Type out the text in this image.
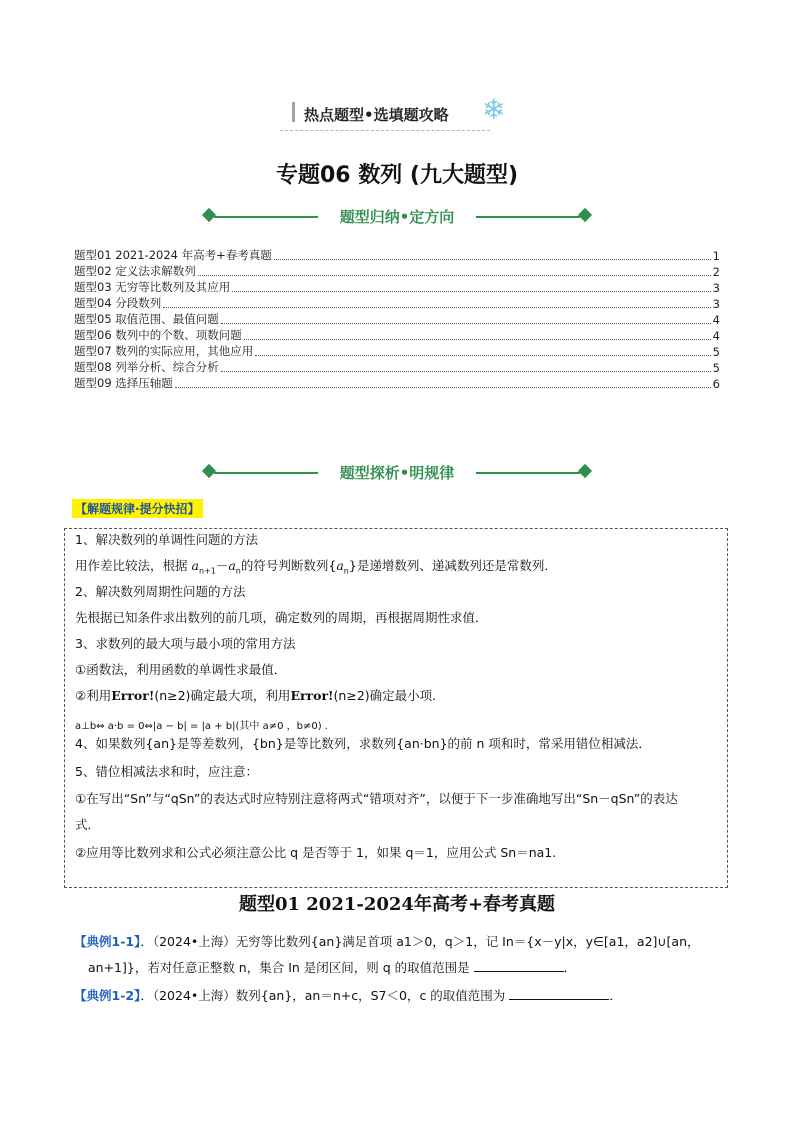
热点题型•选填题攻略 ❄
专题06 数列 (九大题型)
题型归纳•定方向
题型01 2021-2024 年高考+春考真题	1
题型02 定义法求解数列	2
题型03 无穷等比数列及其应用	3
题型04 分段数列	3
题型05 取值范围、最值问题	4
题型06 数列中的个数、项数问题	4
题型07 数列的实际应用，其他应用	5
题型08 列举分析、综合分析	5
题型09 选择压轴题	6
题型探析•明规律
【解题规律·提分快招】
1、解决数列的单调性问题的方法
用作差比较法，根据 $a_{n+1}-a_n$的符号判断数列$\{a_n\}$是递增数列、递减数列还是常数列．
2、解决数列周期性问题的方法
先根据已知条件求出数列的前几项，确定数列的周期，再根据周期性求值．
3、求数列的最大项与最小项的常用方法
①函数法，利用函数的单调性求最值．
②利用Error!(n≥2)确定最大项，利用Error!(n≥2)确定最小项．
a⊥b⇔ a·b = 0⇔|a − b| = |a + b|(其中 a≠0 ，b≠0) .
4、如果数列{an}是等差数列，{bn}是等比数列，求数列{an·bn}的前 n 项和时，常采用错位相减法．
5、错位相减法求和时，应注意：
①在写出“Sn”与“qSn”的表达式时应特别注意将两式“错项对齐”，以便于下一步准确地写出“Sn－qSn”的表达
式．
②应用等比数列求和公式必须注意公比 q 是否等于 1，如果 q＝1，应用公式 Sn＝na1.
题型01 2021-2024年高考+春考真题
【典例1-1】．（2024•上海）无穷等比数列{an}满足首项 a1＞0，q＞1，记 In＝{x－y|x，y∈[a1，a2]∪[an，
an+1]}，若对任意正整数 n，集合 In 是闭区间，则 q 的取值范围是	．
【典例1-2】．（2024•上海）数列{an}，an＝n+c，S7＜0，c 的取值范围为	．
